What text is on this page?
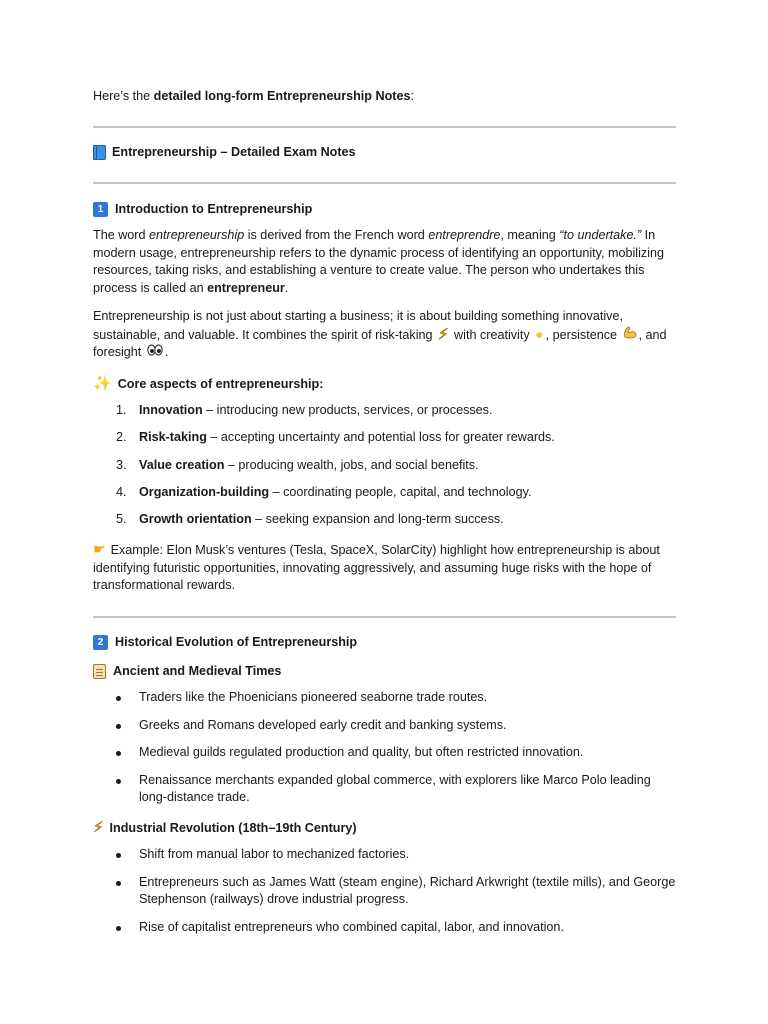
Here’s the detailed long-form Entrepreneurship Notes:
Entrepreneurship – Detailed Exam Notes
1 Introduction to Entrepreneurship
The word entrepreneurship is derived from the French word entreprendre, meaning “to undertake.” In modern usage, entrepreneurship refers to the dynamic process of identifying an opportunity, mobilizing resources, taking risks, and establishing a venture to create value. The person who undertakes this process is called an entrepreneur.
Entrepreneurship is not just about starting a business; it is about building something innovative, sustainable, and valuable. It combines the spirit of risk-taking ⚡ with creativity ● , persistence , and foresight .
✨ Core aspects of entrepreneurship:
1. Innovation – introducing new products, services, or processes.
2. Risk-taking – accepting uncertainty and potential loss for greater rewards.
3. Value creation – producing wealth, jobs, and social benefits.
4. Organization-building – coordinating people, capital, and technology.
5. Growth orientation – seeking expansion and long-term success.
☛ Example: Elon Musk’s ventures (Tesla, SpaceX, SolarCity) highlight how entrepreneurship is about identifying futuristic opportunities, innovating aggressively, and assuming huge risks with the hope of transformational rewards.
2 Historical Evolution of Entrepreneurship
Ancient and Medieval Times
Traders like the Phoenicians pioneered seaborne trade routes.
Greeks and Romans developed early credit and banking systems.
Medieval guilds regulated production and quality, but often restricted innovation.
Renaissance merchants expanded global commerce, with explorers like Marco Polo leading long-distance trade.
⚡ Industrial Revolution (18th–19th Century)
Shift from manual labor to mechanized factories.
Entrepreneurs such as James Watt (steam engine), Richard Arkwright (textile mills), and George Stephenson (railways) drove industrial progress.
Rise of capitalist entrepreneurs who combined capital, labor, and innovation.
